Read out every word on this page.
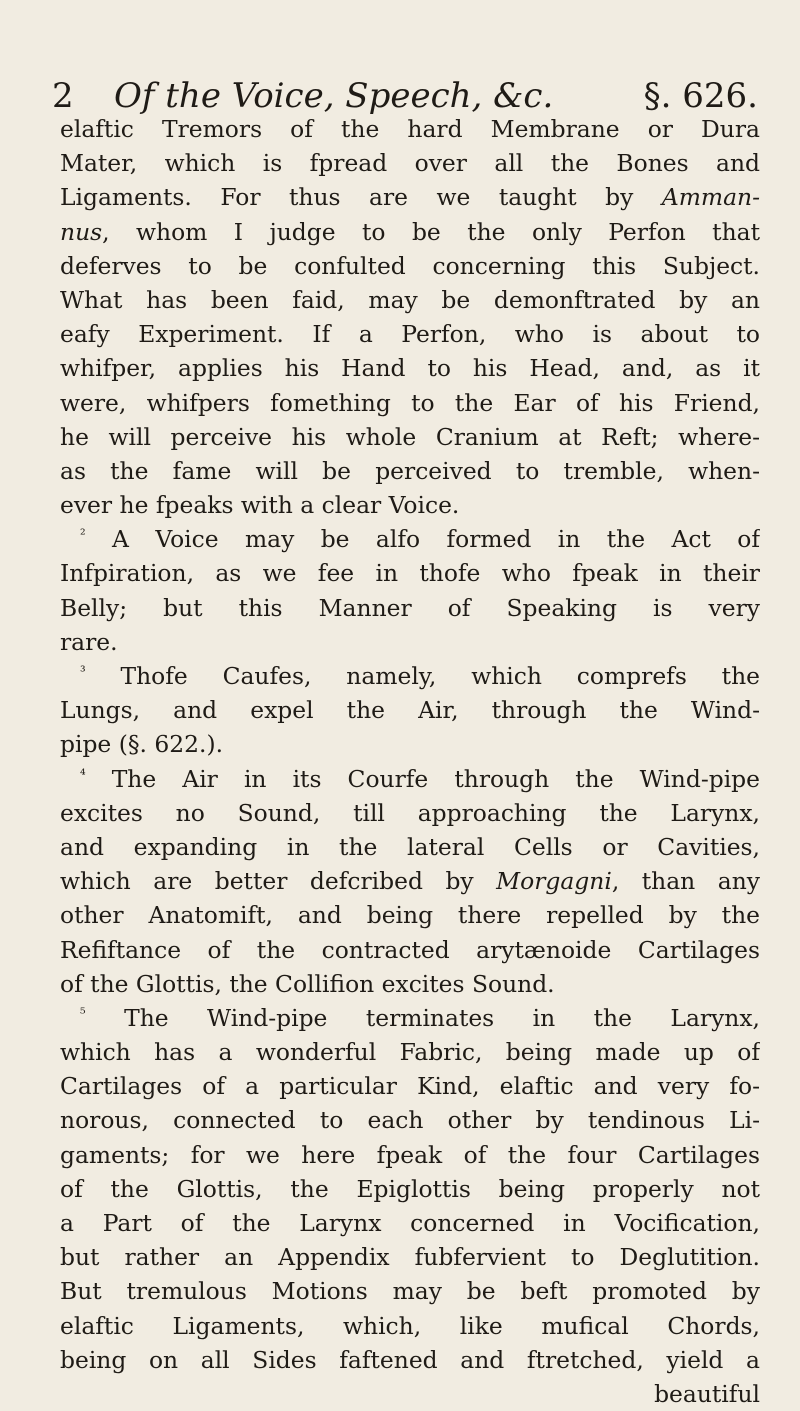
2 Of the Voice, Speech, &c.	§. 626.
elaftic Tremors of the hard Membrane or Dura
Mater, which is fpread over all the Bones and
Ligaments. For thus are we taught by Amman-
nus, whom I judge to be the only Perfon that
deferves to be confulted concerning this Subject.
What has been faid, may be demonftrated by an
eafy Experiment. If a Perfon, who is about to
whifper, applies his Hand to his Head, and, as it
were, whifpers fomething to the Ear of his Friend,
he will perceive his whole Cranium at Reft; where-
as the fame will be perceived to tremble, when-
ever he fpeaks with a clear Voice.
$^{^2}$ A Voice may be alfo formed in the Act of
Infpiration, as we fee in thofe who fpeak in their
Belly; but this Manner of Speaking is very
rare.
$^{^3}$ Thofe Caufes, namely, which comprefs the
Lungs, and expel the Air, through the Wind-
pipe (§. 622.).
$^{^4}$ The Air in its Courfe through the Wind-pipe
excites no Sound, till approaching the Larynx,
and expanding in the lateral Cells or Cavities,
which are better defcribed by Morgagni, than any
other Anatomift, and being there repelled by the
Refiftance of the contracted arytænoide Cartilages
of the Glottis, the Collifion excites Sound.
$^{^5}$ The Wind-pipe terminates in the Larynx,
which has a wonderful Fabric, being made up of
Cartilages of a particular Kind, elaftic and very fo-
norous, connected to each other by tendinous Li-
gaments; for we here fpeak of the four Cartilages
of the Glottis, the Epiglottis being properly not
a Part of the Larynx concerned in Vocification,
but rather an Appendix fubfervient to Deglutition.
But tremulous Motions may be beft promoted by
elaftic Ligaments, which, like mufical Chords,
being on all Sides faftened and ftretched, yield a
beautiful
